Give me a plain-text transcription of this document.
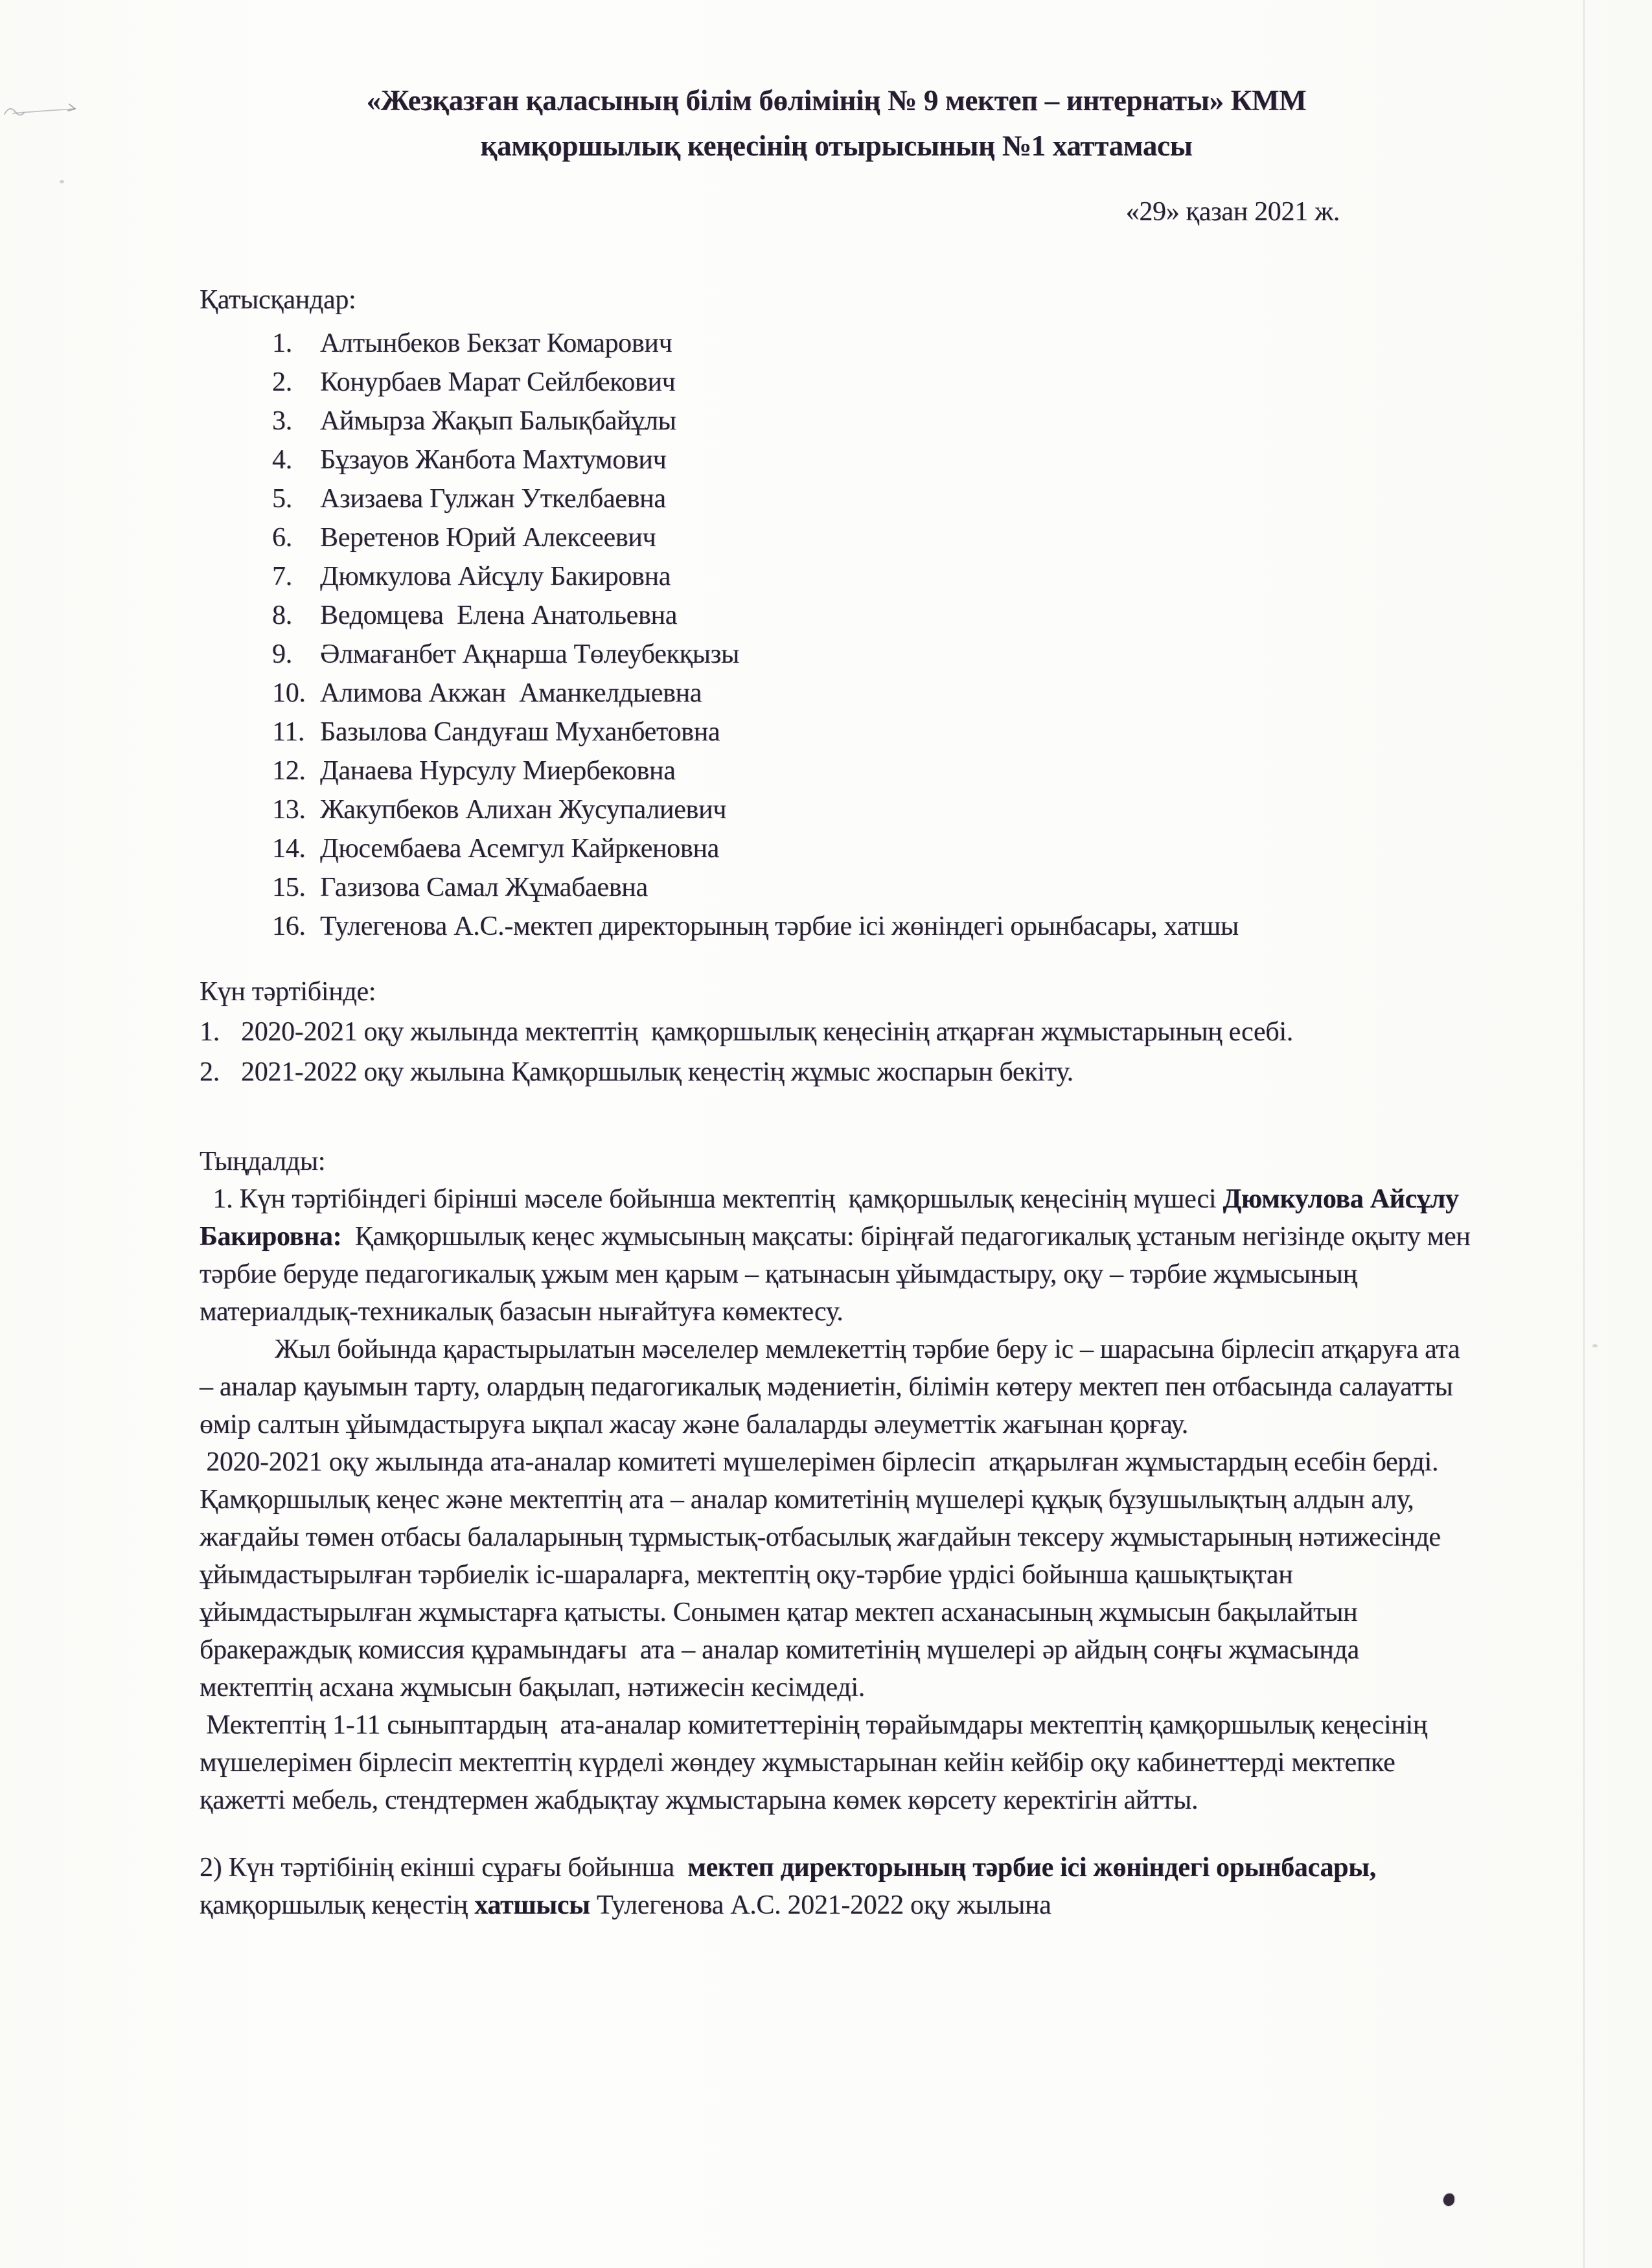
«Жезқазған қаласының білім бөлімінің № 9 мектеп – интернаты» КММ
қамқоршылық кеңесінің отырысының №1 хаттамасы
«29» қазан 2021 ж.
Қатысқандар:
1. Алтынбеков Бекзат Комарович
2. Конурбаев Марат Сейлбекович
3. Аймырза Жақып Балықбайұлы
4. Бұзауов Жанбота Махтумович
5. Азизаева Гулжан Уткелбаевна
6. Веретенов Юрий Алексеевич
7. Дюмкулова Айсұлу Бакировна
8. Ведомцева  Елена Анатольевна
9. Әлмағанбет Ақнарша Төлеубекқызы
10. Алимова Акжан  Аманкелдыевна
11. Базылова Сандуғаш Муханбетовна
12. Данаева Нурсулу Миербековна
13. Жакупбеков Алихан Жусупалиевич
14. Дюсембаева Асемгул Кайркеновна
15. Газизова Самал Жұмабаевна
16. Тулегенова А.С.-мектеп директорының тәрбие ісі жөніндегі орынбасары, хатшы
Күн тәртібінде:
1. 2020-2021 оқу жылында мектептің  қамқоршылық кеңесінің атқарған жұмыстарының есебі.
2. 2021-2022 оқу жылына Қамқоршылық кеңестің жұмыс жоспарын бекіту.
Тыңдалды:

1. Күн тәртібіндегі бірінші мәселе бойынша мектептің  қамқоршылық кеңесінің мүшесі Дюмкулова Айсұлу Бакировна:  Қамқоршылық кеңес жұмысының мақсаты: біріңғай педагогикалық ұстаным негізінде оқыту мен тәрбие беруде педагогикалық ұжым мен қарым – қатынасын ұйымдастыру, оқу – тәрбие жұмысының материалдық-техникалық базасын нығайтуға көмектесу.

Жыл бойында қарастырылатын мәселелер мемлекеттің тәрбие беру іс – шарасына бірлесіп атқаруға ата – аналар қауымын тарту, олардың педагогикалық мәдениетін, білімін көтеру мектеп пен отбасында салауатты өмір салтын ұйымдастыруға ықпал жасау және балаларды әлеуметтік жағынан қорғау.

2020-2021 оқу жылында ата-аналар комитеті мүшелерімен бірлесіп  атқарылған жұмыстардың есебін берді. Қамқоршылық кеңес және мектептің ата – аналар комитетінің мүшелері құқық бұзушылықтың алдын алу, жағдайы төмен отбасы балаларының тұрмыстық-отбасылық жағдайын тексеру жұмыстарының нәтижесінде ұйымдастырылған тәрбиелік іс-шараларға, мектептің оқу-тәрбие үрдісі бойынша қашықтықтан ұйымдастырылған жұмыстарға қатысты. Сонымен қатар мектеп асханасының жұмысын бақылайтын бракераждық комиссия құрамындағы  ата – аналар комитетінің мүшелері әр айдың соңғы жұмасында  мектептің асхана жұмысын бақылап, нәтижесін кесімдеді.

Мектептің 1-11 сыныптардың  ата-аналар комитеттерінің төрайымдары мектептің қамқоршылық кеңесінің мүшелерімен бірлесіп мектептің күрделі жөндеу жұмыстарынан кейін кейбір оқу кабинеттерді мектепке қажетті мебель, стендтермен жабдықтау жұмыстарына көмек көрсету керектігін айтты.

2) Күн тәртібінің екінші сұрағы бойынша  мектеп директорының тәрбие ісі жөніндегі орынбасары, қамқоршылық кеңестің хатшысы Тулегенова А.С. 2021-2022 оқу жылына
